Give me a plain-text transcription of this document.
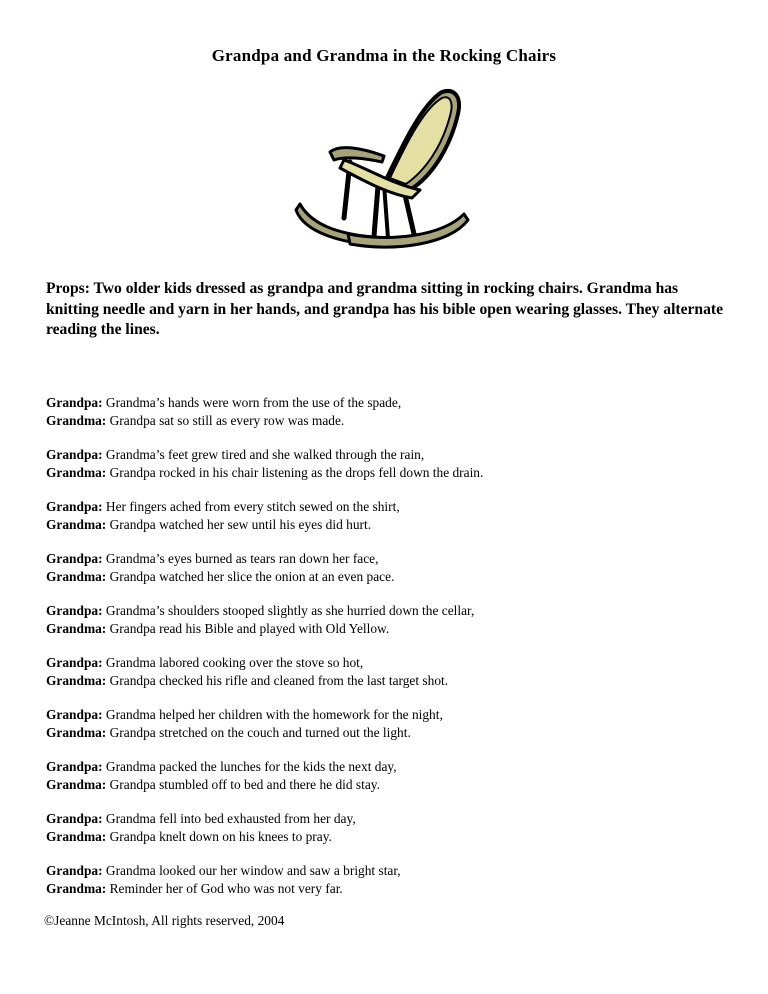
Grandpa and Grandma in the Rocking Chairs
Props: Two older kids dressed as grandpa and grandma sitting in rocking chairs. Grandma has knitting needle and yarn in her hands, and grandpa has his bible open wearing glasses. They alternate reading the lines.
Grandpa: Grandma’s hands were worn from the use of the spade,
Grandma: Grandpa sat so still as every row was made.
Grandpa: Grandma’s feet grew tired and she walked through the rain,
Grandma: Grandpa rocked in his chair listening as the drops fell down the drain.
Grandpa: Her fingers ached from every stitch sewed on the shirt,
Grandma: Grandpa watched her sew until his eyes did hurt.
Grandpa: Grandma’s eyes burned as tears ran down her face,
Grandma: Grandpa watched her slice the onion at an even pace.
Grandpa: Grandma’s shoulders stooped slightly as she hurried down the cellar,
Grandma: Grandpa read his Bible and played with Old Yellow.
Grandpa: Grandma labored cooking over the stove so hot,
Grandma: Grandpa checked his rifle and cleaned from the last target shot.
Grandpa: Grandma helped her children with the homework for the night,
Grandma: Grandpa stretched on the couch and turned out the light.
Grandpa: Grandma packed the lunches for the kids the next day,
Grandma: Grandpa stumbled off to bed and there he did stay.
Grandpa: Grandma fell into bed exhausted from her day,
Grandma: Grandpa knelt down on his knees to pray.
Grandpa: Grandma looked our her window and saw a bright star,
Grandma: Reminder her of God who was not very far.
©Jeanne McIntosh, All rights reserved, 2004
